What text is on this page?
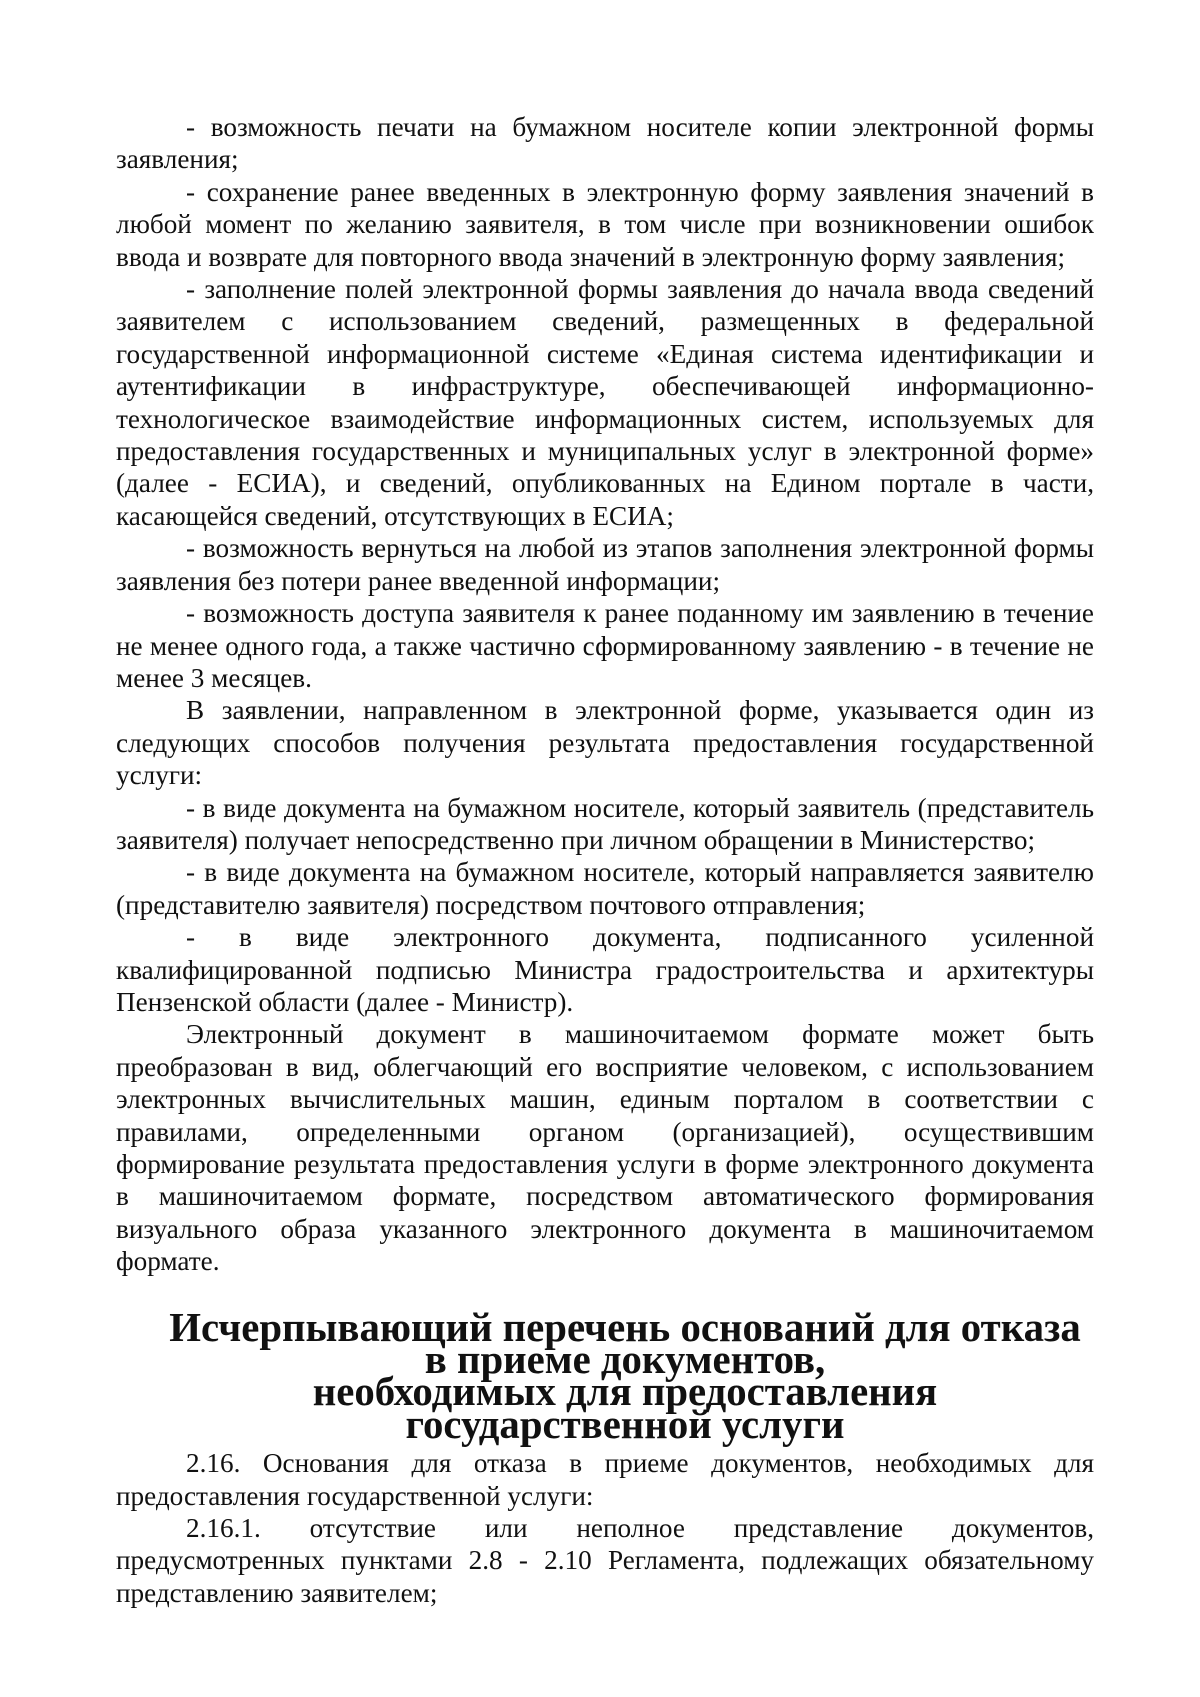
- возможность печати на бумажном носителе копии электронной формы заявления;

- сохранение ранее введенных в электронную форму заявления значений в любой момент по желанию заявителя, в том числе при возникновении ошибок ввода и возврате для повторного ввода значений в электронную форму заявления;

- заполнение полей электронной формы заявления до начала ввода сведений заявителем с использованием сведений, размещенных в федеральной государственной информационной системе «Единая система идентификации и аутентификации в инфраструктуре, обеспечивающей информационно-технологическое взаимодействие информационных систем, используемых для предоставления государственных и муниципальных услуг в электронной форме» (далее - ЕСИА), и сведений, опубликованных на Едином портале в части, касающейся сведений, отсутствующих в ЕСИА;

- возможность вернуться на любой из этапов заполнения электронной формы заявления без потери ранее введенной информации;

- возможность доступа заявителя к ранее поданному им заявлению в течение не менее одного года, а также частично сформированному заявлению - в течение не менее 3 месяцев.

В заявлении, направленном в электронной форме, указывается один из следующих способов получения результата предоставления государственной услуги:

- в виде документа на бумажном носителе, который заявитель (представитель заявителя) получает непосредственно при личном обращении в Министерство;

- в виде документа на бумажном носителе, который направляется заявителю (представителю заявителя) посредством почтового отправления;

- в виде электронного документа, подписанного усиленной квалифицированной подписью Министра градостроительства и архитектуры Пензенской области (далее - Министр).

Электронный документ в машиночитаемом формате может быть преобразован в вид, облегчающий его восприятие человеком, с использованием электронных вычислительных машин, единым порталом в соответствии с правилами, определенными органом (организацией), осуществившим формирование результата предоставления услуги в форме электронного документа в машиночитаемом формате, посредством автоматического формирования визуального образа указанного электронного документа в машиночитаемом формате.

Исчерпывающий перечень оснований для отказа в приеме документов,
необходимых для предоставления государственной услуги

2.16. Основания для отказа в приеме документов, необходимых для предоставления государственной услуги:

2.16.1. отсутствие или неполное представление документов, предусмотренных пунктами 2.8 - 2.10 Регламента, подлежащих обязательному представлению заявителем;
